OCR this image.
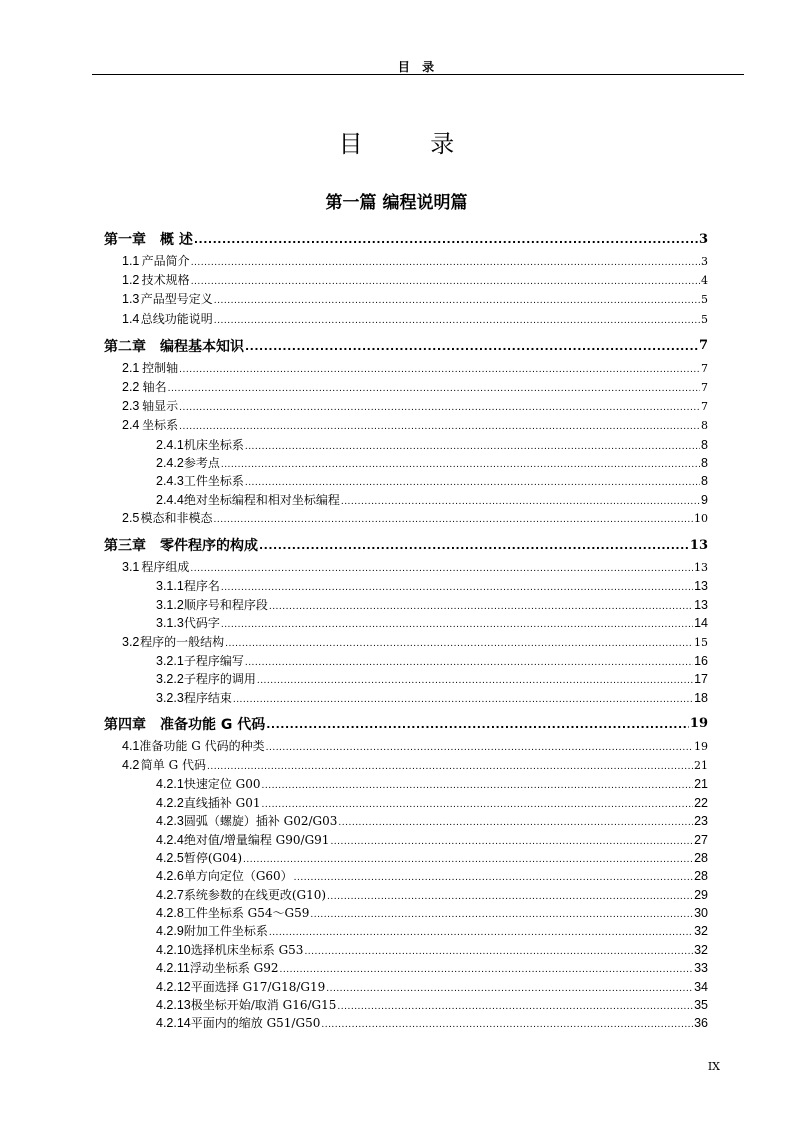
目 录
目 录
第一篇 编程说明篇
第一章 概 述 .....	3
1.1 产品简介 .....	3
1.2 技术规格 .....	4
1.3 产品型号定义 .....	5
1.4 总线功能说明 .....	5
第二章 编程基本知识 .....	7
2.1 控制轴 .....	7
2.2 轴名 .....	7
2.3 轴显示 .....	7
2.4 坐标系 .....	8
2.4.1 机床坐标系 .....	8
2.4.2 参考点 .....	8
2.4.3 工件坐标系 .....	8
2.4.4 绝对坐标编程和相对坐标编程 .....	9
2.5 模态和非模态 .....	10
第三章 零件程序的构成 .....	13
3.1 程序组成 .....	13
3.1.1 程序名 .....	13
3.1.2 顺序号和程序段 .....	13
3.1.3 代码字 .....	14
3.2 程序的一般结构 .....	15
3.2.1 子程序编写 .....	16
3.2.2 子程序的调用 .....	17
3.2.3 程序结束 .....	18
第四章 准备功能 G 代码 .....	19
4.1 准备功能 G 代码的种类 .....	19
4.2 简单 G 代码 .....	21
4.2.1 快速定位 G00 .....	21
4.2.2 直线插补 G01 .....	22
4.2.3 圆弧（螺旋）插补 G02/G03 .....	23
4.2.4 绝对值/增量编程 G90/G91 .....	27
4.2.5 暂停(G04) .....	28
4.2.6 单方向定位（G60） .....	28
4.2.7 系统参数的在线更改(G10) .....	29
4.2.8 工件坐标系 G54～G59 .....	30
4.2.9 附加工件坐标系 .....	32
4.2.10 选择机床坐标系 G53 .....	32
4.2.11 浮动坐标系 G92 .....	33
4.2.12 平面选择 G17/G18/G19 .....	34
4.2.13 极坐标开始/取消 G16/G15 .....	35
4.2.14 平面内的缩放 G51/G50 .....	36
IX
